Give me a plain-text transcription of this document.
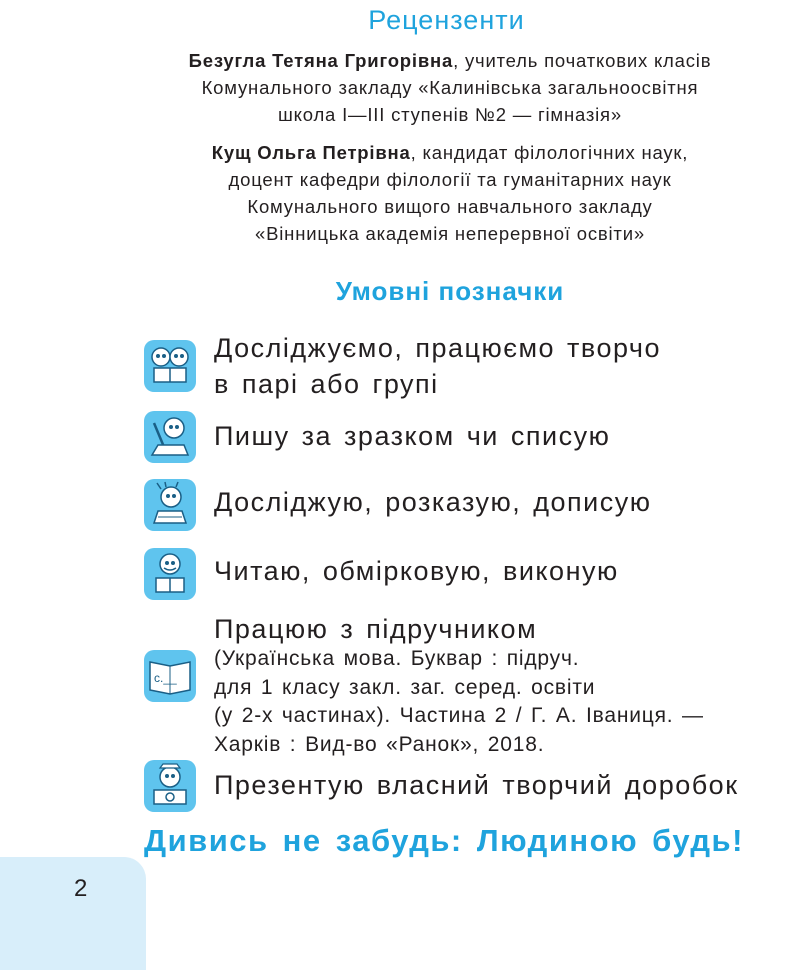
Рецензенти
Безугла Тетяна Григорівна, учитель початкових класів
Комунального закладу «Калинівська загальноосвітня
школа I—III ступенів №2 — гімназія»
Кущ Ольга Петрівна, кандидат філологічних наук,
доцент кафедри філології та гуманітарних наук
Комунального вищого навчального закладу
«Вінницька академія неперервної освіти»
Умовні позначки
Досліджуємо, працюємо творчо
в парі або групі
Пишу за зразком чи списую
Досліджую, розказую, дописую
Читаю, обмірковую, виконую
Працюю з підручником
с.__
(Українська мова. Буквар : підруч.
для 1 класу закл. заг. серед. освіти
(у 2-х частинах). Частина 2 / Г. А. Іваниця. —
Харків : Вид-во «Ранок», 2018.
Презентую власний творчий доробок
Дивись не забудь: Людиною будь!
2
